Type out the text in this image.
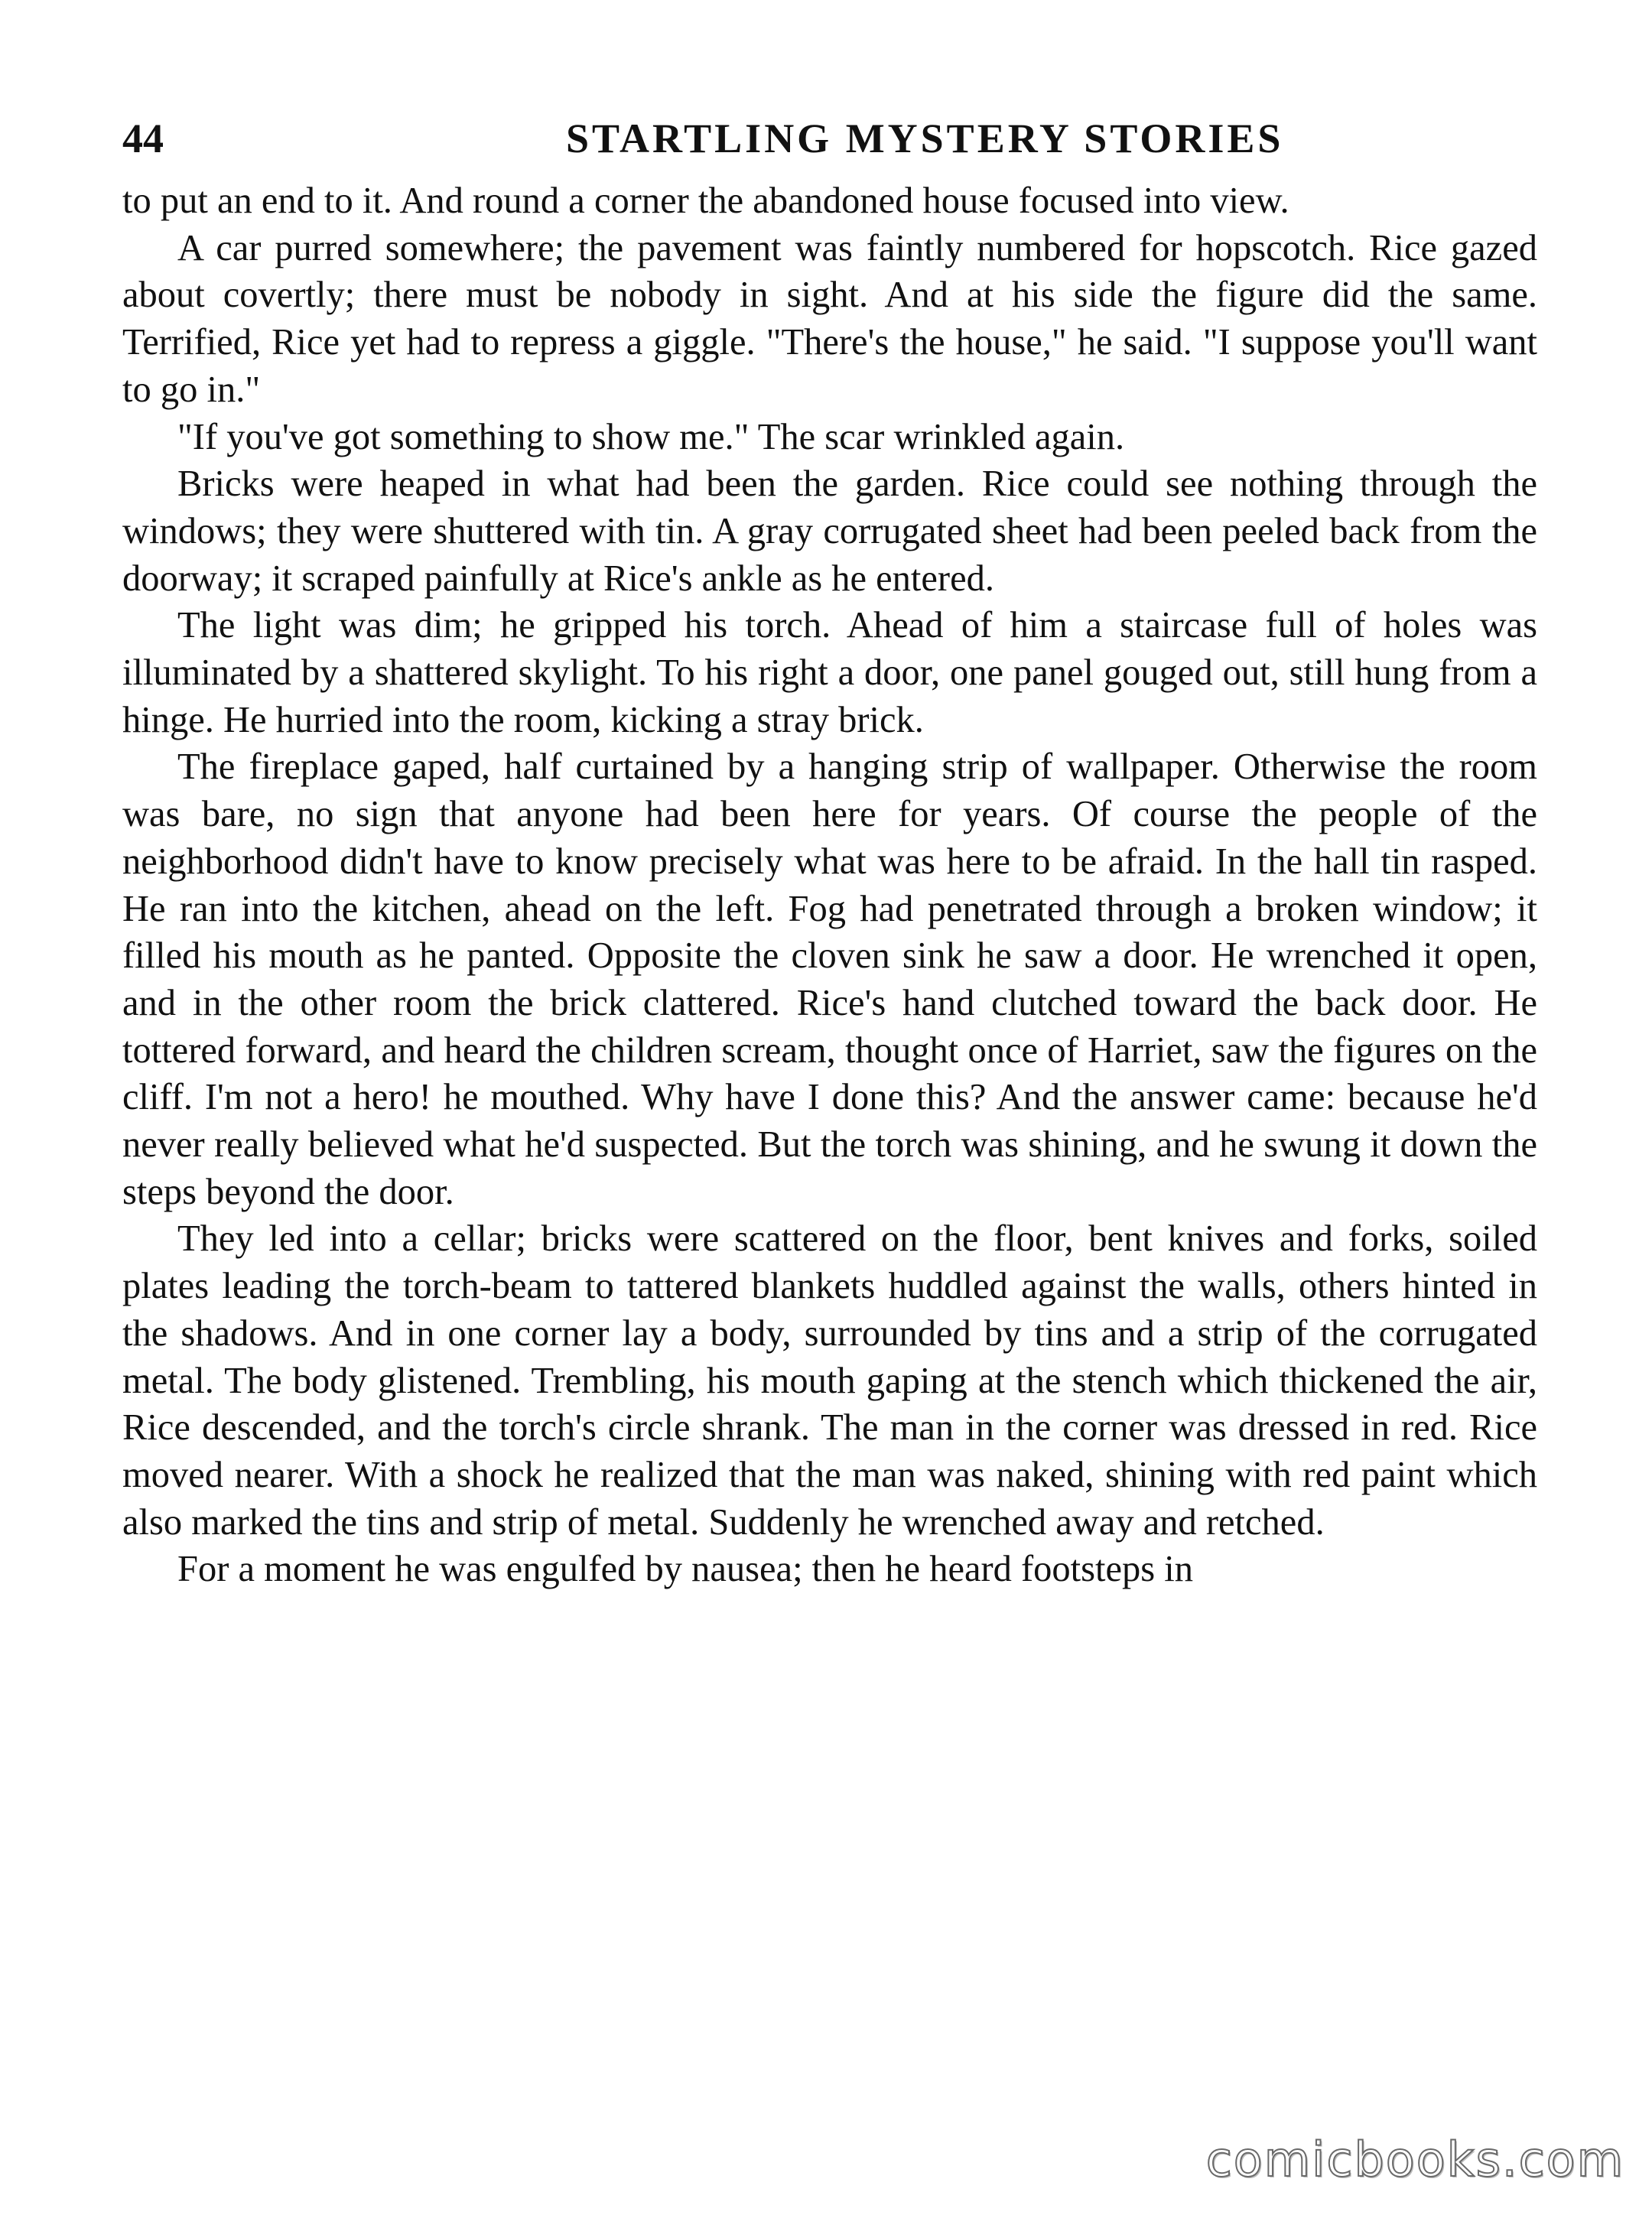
44	STARTLING MYSTERY STORIES

to put an end to it. And round a corner the abandoned house focused into view.

A car purred somewhere; the pavement was faintly numbered for hopscotch. Rice gazed about covertly; there must be nobody in sight. And at his side the figure did the same. Terrified, Rice yet had to repress a giggle. "There's the house," he said. "I suppose you'll want to go in."

"If you've got something to show me." The scar wrinkled again.

Bricks were heaped in what had been the garden. Rice could see nothing through the windows; they were shuttered with tin. A gray corrugated sheet had been peeled back from the doorway; it scraped painfully at Rice's ankle as he entered.

The light was dim; he gripped his torch. Ahead of him a staircase full of holes was illuminated by a shattered skylight. To his right a door, one panel gouged out, still hung from a hinge. He hurried into the room, kicking a stray brick.

The fireplace gaped, half curtained by a hanging strip of wallpaper. Otherwise the room was bare, no sign that anyone had been here for years. Of course the people of the neighborhood didn't have to know precisely what was here to be afraid. In the hall tin rasped. He ran into the kitchen, ahead on the left. Fog had penetrated through a broken window; it filled his mouth as he panted. Opposite the cloven sink he saw a door. He wrenched it open, and in the other room the brick clattered. Rice's hand clutched toward the back door. He tottered forward, and heard the children scream, thought once of Harriet, saw the figures on the cliff. I'm not a hero! he mouthed. Why have I done this? And the answer came: because he'd never really believed what he'd suspected. But the torch was shining, and he swung it down the steps beyond the door.

They led into a cellar; bricks were scattered on the floor, bent knives and forks, soiled plates leading the torch-beam to tattered blankets huddled against the walls, others hinted in the shadows. And in one corner lay a body, surrounded by tins and a strip of the corrugated metal. The body glistened. Trembling, his mouth gaping at the stench which thickened the air, Rice descended, and the torch's circle shrank. The man in the corner was dressed in red. Rice moved nearer. With a shock he realized that the man was naked, shining with red paint which also marked the tins and strip of metal. Suddenly he wrenched away and retched.

For a moment he was engulfed by nausea; then he heard footsteps in

comicbooks.com
